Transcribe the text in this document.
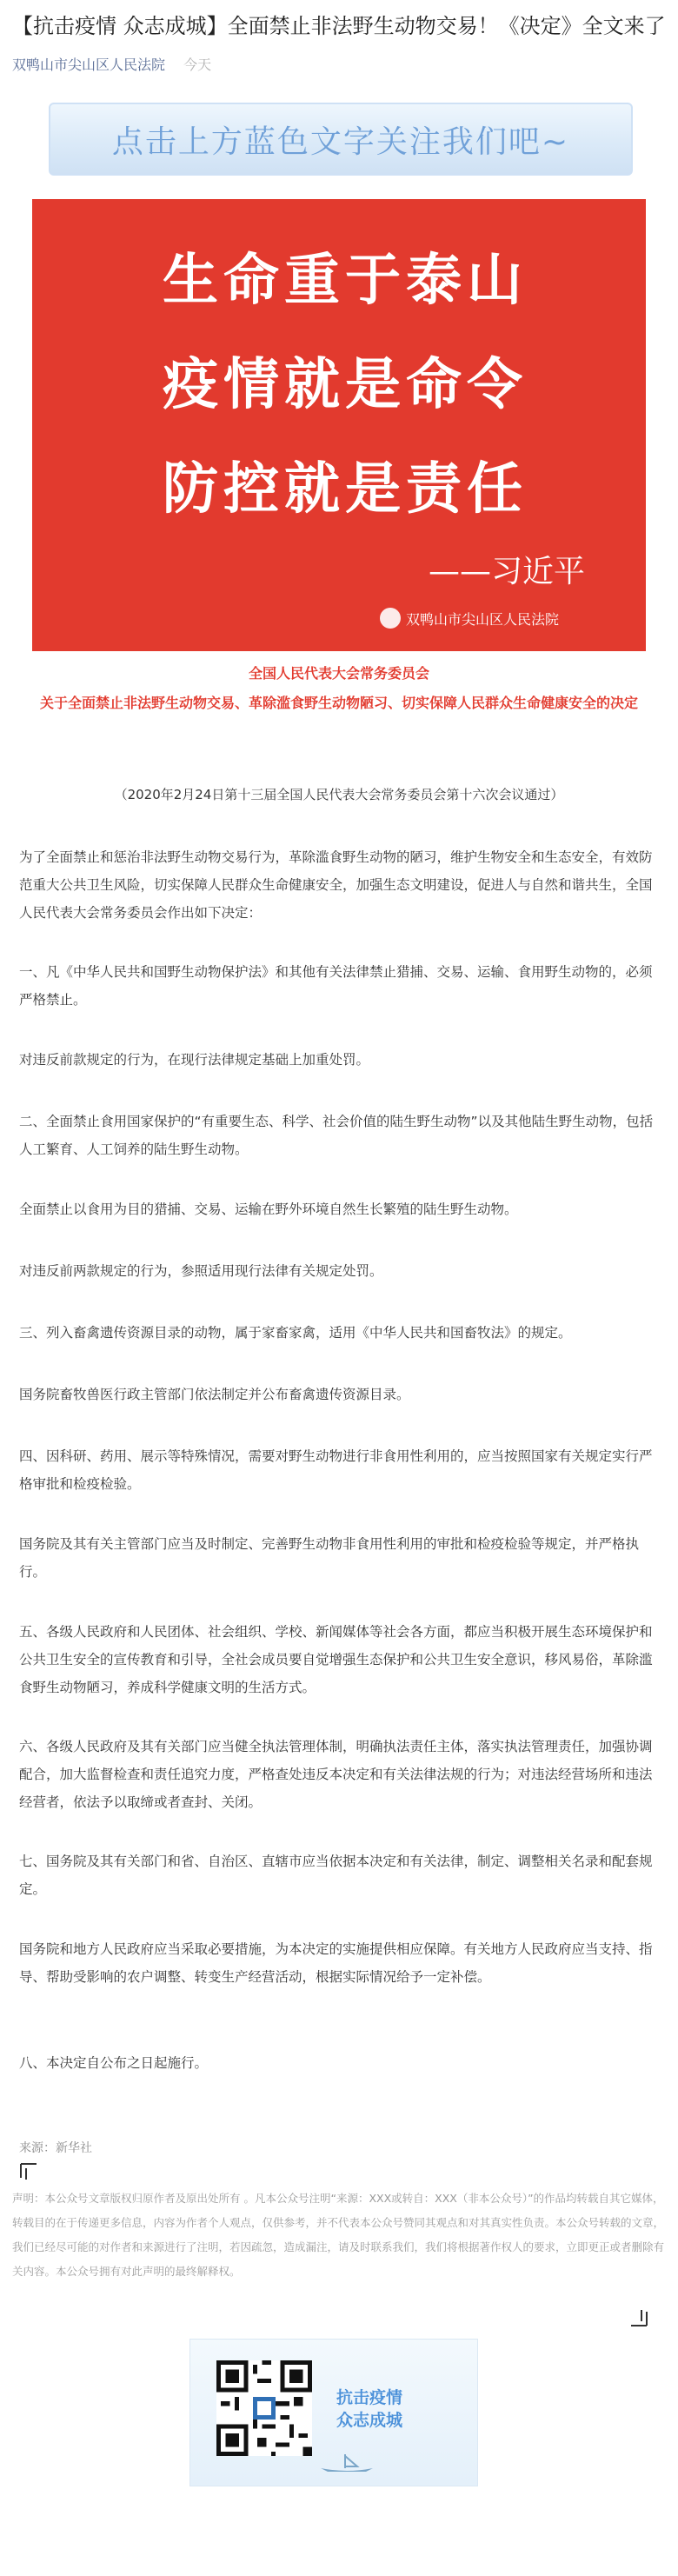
【抗击疫情 众志成城】全面禁止非法野生动物交易！《决定》全文来了
双鸭山市尖山区人民法院 今天
点击上方蓝色文字关注我们吧~
生命重于泰山
疫情就是命令
防控就是责任
——习近平
双鸭山市尖山区人民法院
全国人民代表大会常务委员会
关于全面禁止非法野生动物交易、革除滥食野生动物陋习、切实保障人民群众生命健康安全的决定
（2020年2月24日第十三届全国人民代表大会常务委员会第十六次会议通过）

为了全面禁止和惩治非法野生动物交易行为，革除滥食野生动物的陋习，维护生物安全和生态安全，有效防范重大公共卫生风险，切实保障人民群众生命健康安全，加强生态文明建设，促进人与自然和谐共生，全国人民代表大会常务委员会作出如下决定：

一、凡《中华人民共和国野生动物保护法》和其他有关法律禁止猎捕、交易、运输、食用野生动物的，必须严格禁止。

对违反前款规定的行为，在现行法律规定基础上加重处罚。

二、全面禁止食用国家保护的“有重要生态、科学、社会价值的陆生野生动物”以及其他陆生野生动物，包括人工繁育、人工饲养的陆生野生动物。

全面禁止以食用为目的猎捕、交易、运输在野外环境自然生长繁殖的陆生野生动物。

对违反前两款规定的行为，参照适用现行法律有关规定处罚。

三、列入畜禽遗传资源目录的动物，属于家畜家禽，适用《中华人民共和国畜牧法》的规定。

国务院畜牧兽医行政主管部门依法制定并公布畜禽遗传资源目录。

四、因科研、药用、展示等特殊情况，需要对野生动物进行非食用性利用的，应当按照国家有关规定实行严格审批和检疫检验。

国务院及其有关主管部门应当及时制定、完善野生动物非食用性利用的审批和检疫检验等规定，并严格执行。

五、各级人民政府和人民团体、社会组织、学校、新闻媒体等社会各方面，都应当积极开展生态环境保护和公共卫生安全的宣传教育和引导，全社会成员要自觉增强生态保护和公共卫生安全意识，移风易俗，革除滥食野生动物陋习，养成科学健康文明的生活方式。

六、各级人民政府及其有关部门应当健全执法管理体制，明确执法责任主体，落实执法管理责任，加强协调配合，加大监督检查和责任追究力度，严格查处违反本决定和有关法律法规的行为；对违法经营场所和违法经营者，依法予以取缔或者查封、关闭。

七、国务院及其有关部门和省、自治区、直辖市应当依据本决定和有关法律，制定、调整相关名录和配套规定。

国务院和地方人民政府应当采取必要措施，为本决定的实施提供相应保障。有关地方人民政府应当支持、指导、帮助受影响的农户调整、转变生产经营活动，根据实际情况给予一定补偿。

八、本决定自公布之日起施行。

来源：新华社
声明：本公众号文章版权归原作者及原出处所有 。凡本公众号注明“来源：XXX或转自：XXX（非本公众号）”的作品均转载自其它媒体，转载目的在于传递更多信息，内容为作者个人观点，仅供参考，并不代表本公众号赞同其观点和对其真实性负责。本公众号转载的文章，我们已经尽可能的对作者和来源进行了注明，若因疏忽，造成漏注，请及时联系我们，我们将根据著作权人的要求，立即更正或者删除有关内容。本公众号拥有对此声明的最终解释权。
抗击疫情
众志成城
